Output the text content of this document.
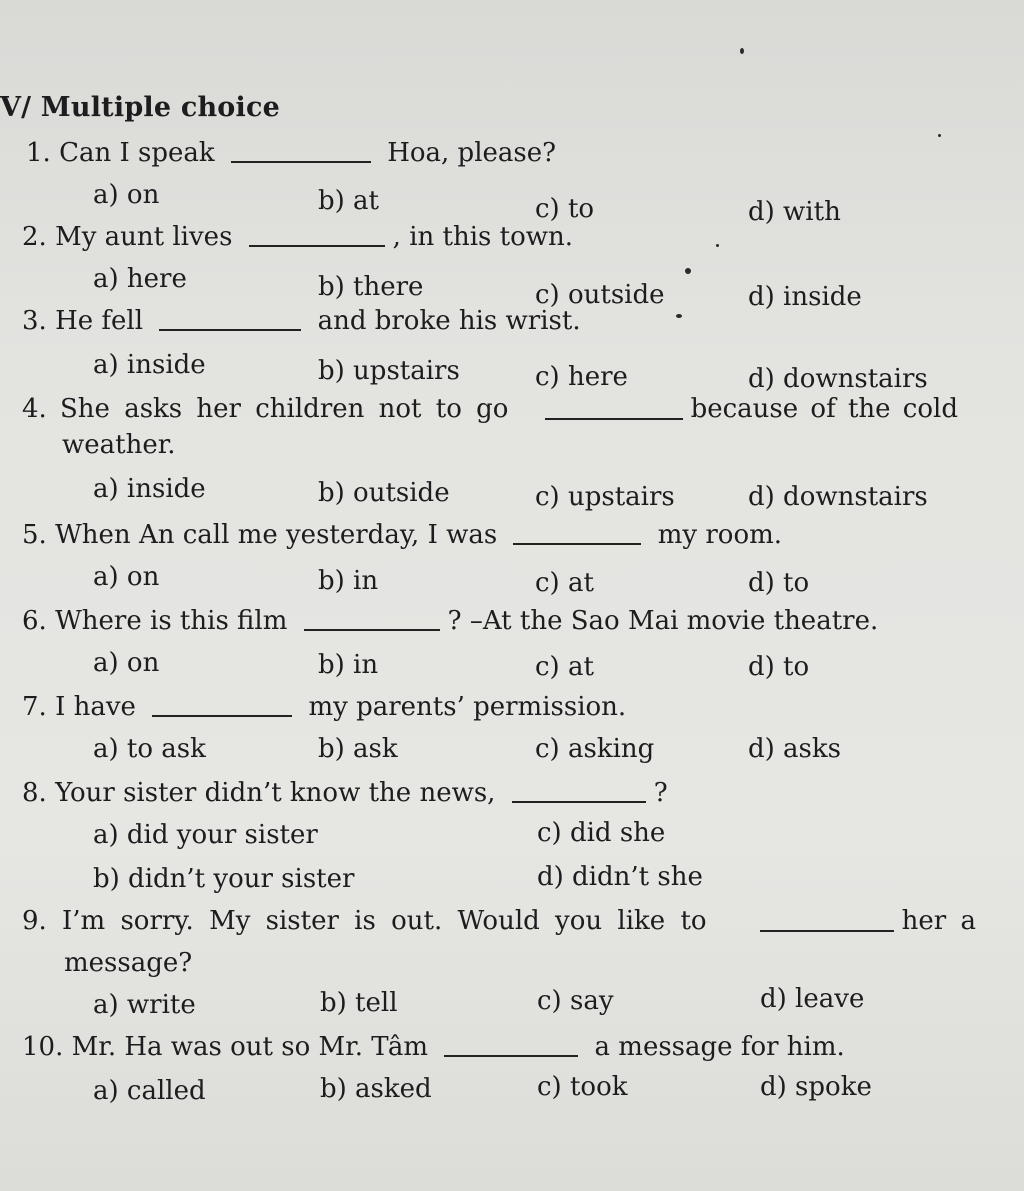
V/ Multiple choice
1. Can I speak	Hoa, please?
a) on	b) at	c) to	d) with
2. My aunt lives	, in this town.
a) here	b) there	c) outside	d) inside
3. He fell	and broke his wrist.
a) inside	b) upstairs	c) here	d) downstairs
4. She asks her children not to go	because of the cold
weather.
a) inside	b) outside	c) upstairs	d) downstairs
5. When An call me yesterday, I was	my room.
a) on	b) in	c) at	d) to
6. Where is this film	? –At the Sao Mai movie theatre.
a) on	b) in	c) at	d) to
7. I have	my parents’ permission.
a) to ask	b) ask	c) asking	d) asks
8. Your sister didn’t know the news,	?
a) did your sister	c) did she
b) didn’t your sister	d) didn’t she
9. I’m sorry. My sister is out. Would you like to	her a
message?
a) write	b) tell	c) say	d) leave
10. Mr. Ha was out so Mr. Tâm	a message for him.
a) called	b) asked	c) took	d) spoke
